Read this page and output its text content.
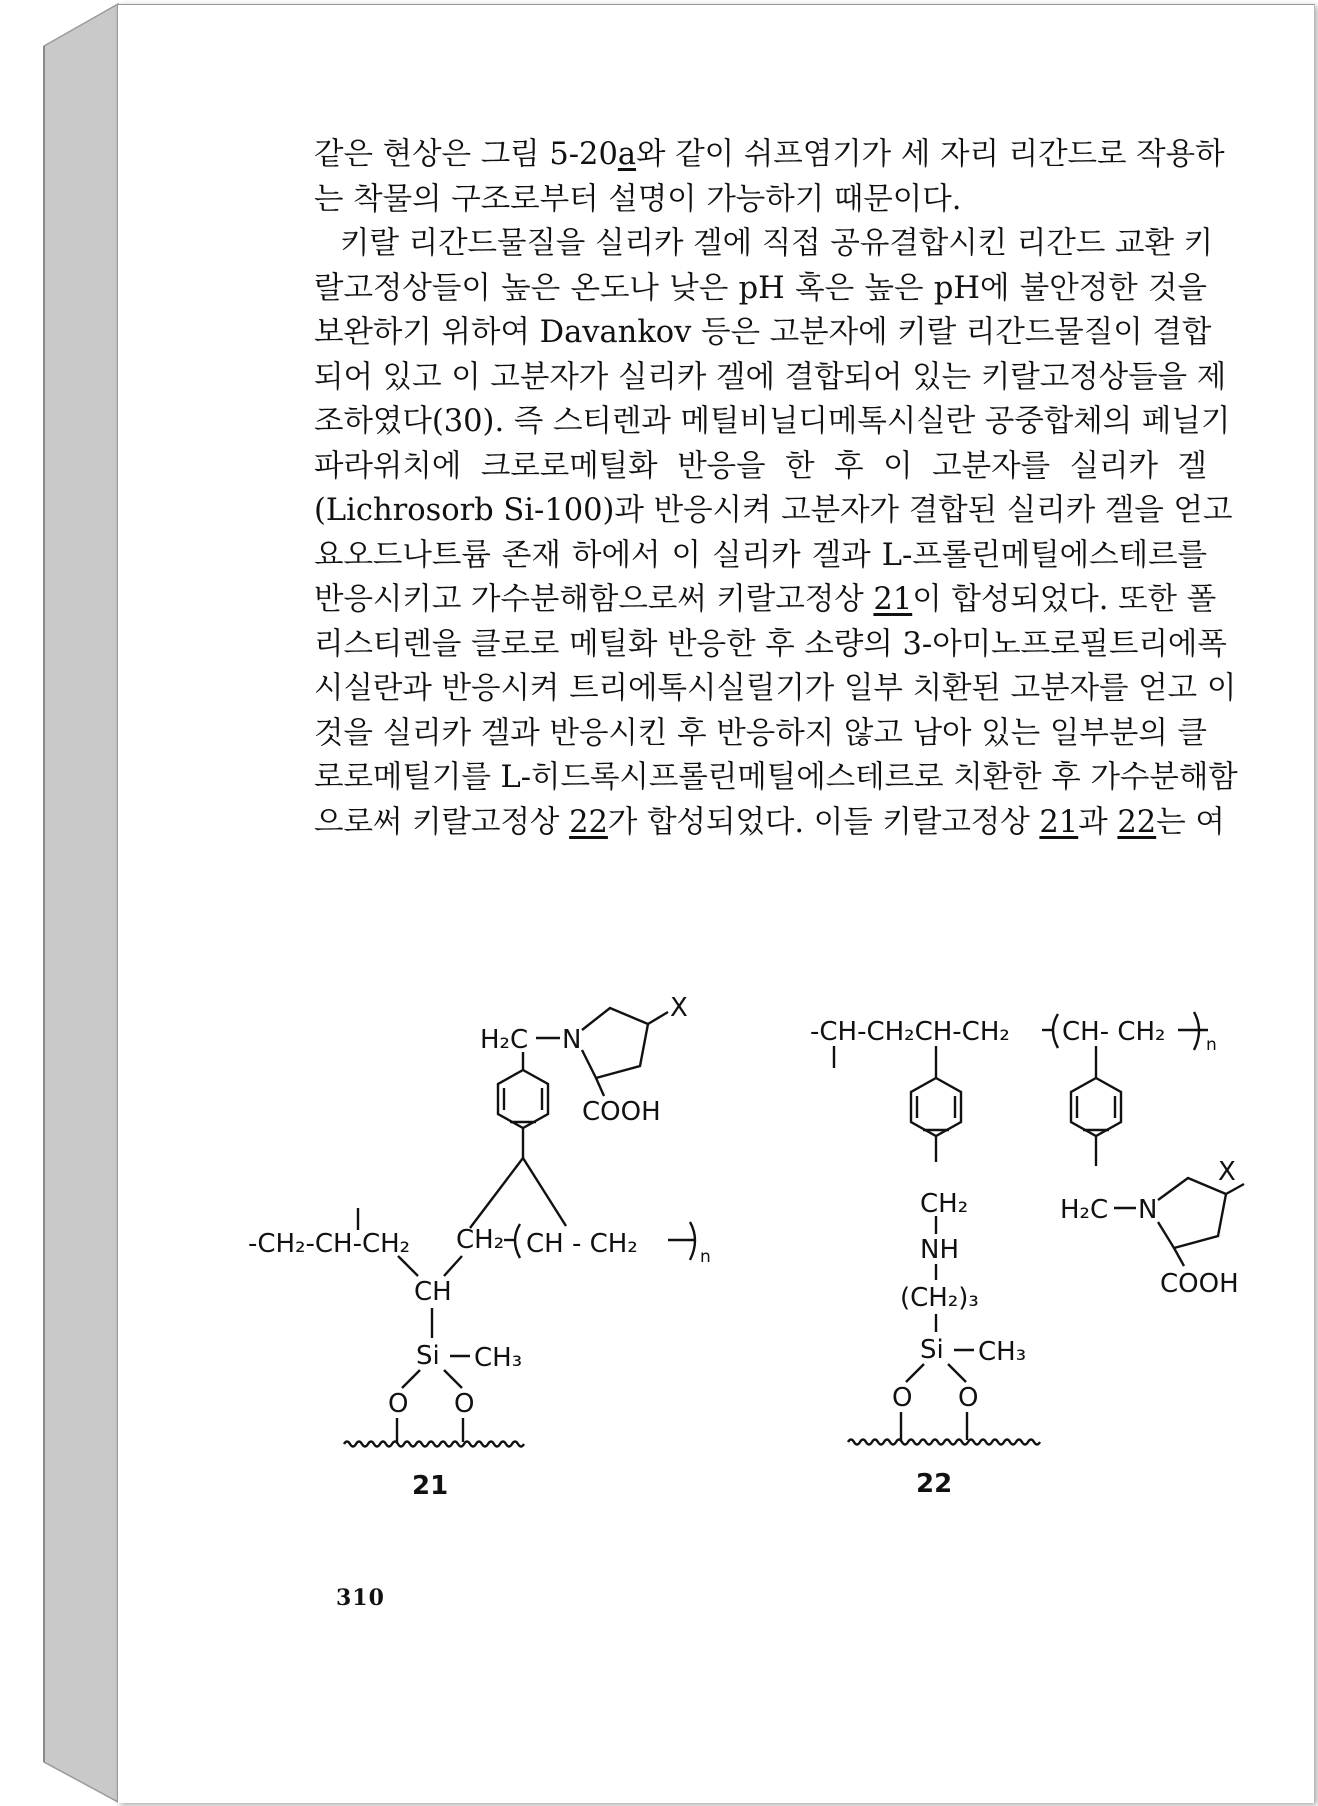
같은 현상은 그림 5-20a와 같이 쉬프염기가 세 자리 리간드로 작용하
는 착물의 구조로부터 설명이 가능하기 때문이다.
키랄 리간드물질을 실리카 겔에 직접 공유결합시킨 리간드 교환 키
랄고정상들이 높은 온도나 낮은 pH 혹은 높은 pH에 불안정한 것을
보완하기 위하여 Davankov 등은 고분자에 키랄 리간드물질이 결합
되어 있고 이 고분자가 실리카 겔에 결합되어 있는 키랄고정상들을 제
조하였다(30). 즉 스티렌과 메틸비닐디메톡시실란 공중합체의 페닐기
파라위치에 크로로메틸화 반응을 한 후 이 고분자를 실리카 겔
(Lichrosorb Si-100)과 반응시켜 고분자가 결합된 실리카 겔을 얻고
요오드나트륨 존재 하에서 이 실리카 겔과 L-프롤린메틸에스테르를
반응시키고 가수분해함으로써 키랄고정상 21이 합성되었다. 또한 폴
리스티렌을 클로로 메틸화 반응한 후 소량의 3-아미노프로필트리에폭
시실란과 반응시켜 트리에톡시실릴기가 일부 치환된 고분자를 얻고 이
것을 실리카 겔과 반응시킨 후 반응하지 않고 남아 있는 일부분의 클
로로메틸기를 L-히드록시프롤린메틸에스테르로 치환한 후 가수분해함
으로써 키랄고정상 22가 합성되었다. 이들 키랄고정상 21과 22는 여
-CH₂-CH-CH₂ CH₂ CH - CH₂	n
CH
Si CH₃
O O
21
H₂C N
X
COOH
-CH-CH₂CH-CH₂ CH- CH₂ n
CH₂
NH
(CH₂)₃
Si CH₃
O O
22
H₂C N
X
COOH
310
